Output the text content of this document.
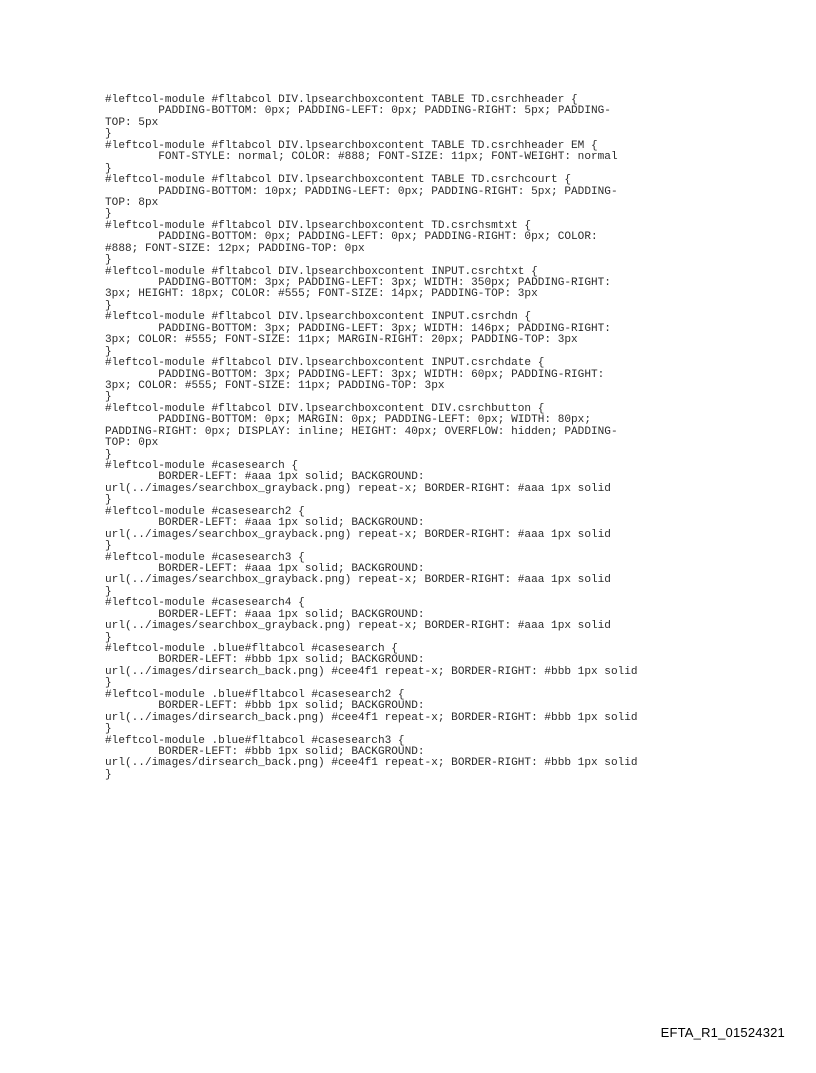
#leftcol-module #fltabcol DIV.lpsearchboxcontent TABLE TD.csrchheader {
PADDING-BOTTOM: 0px; PADDING-LEFT: 0px; PADDING-RIGHT: 5px; PADDING-
TOP: 5px
}
#leftcol-module #fltabcol DIV.lpsearchboxcontent TABLE TD.csrchheader EM {
FONT-STYLE: normal; COLOR: #888; FONT-SIZE: 11px; FONT-WEIGHT: normal
}
#leftcol-module #fltabcol DIV.lpsearchboxcontent TABLE TD.csrchcourt {
PADDING-BOTTOM: 10px; PADDING-LEFT: 0px; PADDING-RIGHT: 5px; PADDING-
TOP: 8px
}
#leftcol-module #fltabcol DIV.lpsearchboxcontent TD.csrchsmtxt {
PADDING-BOTTOM: 0px; PADDING-LEFT: 0px; PADDING-RIGHT: 0px; COLOR:
#888; FONT-SIZE: 12px; PADDING-TOP: 0px
}
#leftcol-module #fltabcol DIV.lpsearchboxcontent INPUT.csrchtxt {
PADDING-BOTTOM: 3px; PADDING-LEFT: 3px; WIDTH: 350px; PADDING-RIGHT:
3px; HEIGHT: 18px; COLOR: #555; FONT-SIZE: 14px; PADDING-TOP: 3px
}
#leftcol-module #fltabcol DIV.lpsearchboxcontent INPUT.csrchdn {
PADDING-BOTTOM: 3px; PADDING-LEFT: 3px; WIDTH: 146px; PADDING-RIGHT:
3px; COLOR: #555; FONT-SIZE: 11px; MARGIN-RIGHT: 20px; PADDING-TOP: 3px
}
#leftcol-module #fltabcol DIV.lpsearchboxcontent INPUT.csrchdate {
PADDING-BOTTOM: 3px; PADDING-LEFT: 3px; WIDTH: 60px; PADDING-RIGHT:
3px; COLOR: #555; FONT-SIZE: 11px; PADDING-TOP: 3px
}
#leftcol-module #fltabcol DIV.lpsearchboxcontent DIV.csrchbutton {
PADDING-BOTTOM: 0px; MARGIN: 0px; PADDING-LEFT: 0px; WIDTH: 80px;
PADDING-RIGHT: 0px; DISPLAY: inline; HEIGHT: 40px; OVERFLOW: hidden; PADDING-
TOP: 0px
}
#leftcol-module #casesearch {
BORDER-LEFT: #aaa 1px solid; BACKGROUND:
url(../images/searchbox_grayback.png) repeat-x; BORDER-RIGHT: #aaa 1px solid
}
#leftcol-module #casesearch2 {
BORDER-LEFT: #aaa 1px solid; BACKGROUND:
url(../images/searchbox_grayback.png) repeat-x; BORDER-RIGHT: #aaa 1px solid
}
#leftcol-module #casesearch3 {
BORDER-LEFT: #aaa 1px solid; BACKGROUND:
url(../images/searchbox_grayback.png) repeat-x; BORDER-RIGHT: #aaa 1px solid
}
#leftcol-module #casesearch4 {
BORDER-LEFT: #aaa 1px solid; BACKGROUND:
url(../images/searchbox_grayback.png) repeat-x; BORDER-RIGHT: #aaa 1px solid
}
#leftcol-module .blue#fltabcol #casesearch {
BORDER-LEFT: #bbb 1px solid; BACKGROUND:
url(../images/dirsearch_back.png) #cee4f1 repeat-x; BORDER-RIGHT: #bbb 1px solid
}
#leftcol-module .blue#fltabcol #casesearch2 {
BORDER-LEFT: #bbb 1px solid; BACKGROUND:
url(../images/dirsearch_back.png) #cee4f1 repeat-x; BORDER-RIGHT: #bbb 1px solid
}
#leftcol-module .blue#fltabcol #casesearch3 {
BORDER-LEFT: #bbb 1px solid; BACKGROUND:
url(../images/dirsearch_back.png) #cee4f1 repeat-x; BORDER-RIGHT: #bbb 1px solid
}
EFTA_R1_01524321
